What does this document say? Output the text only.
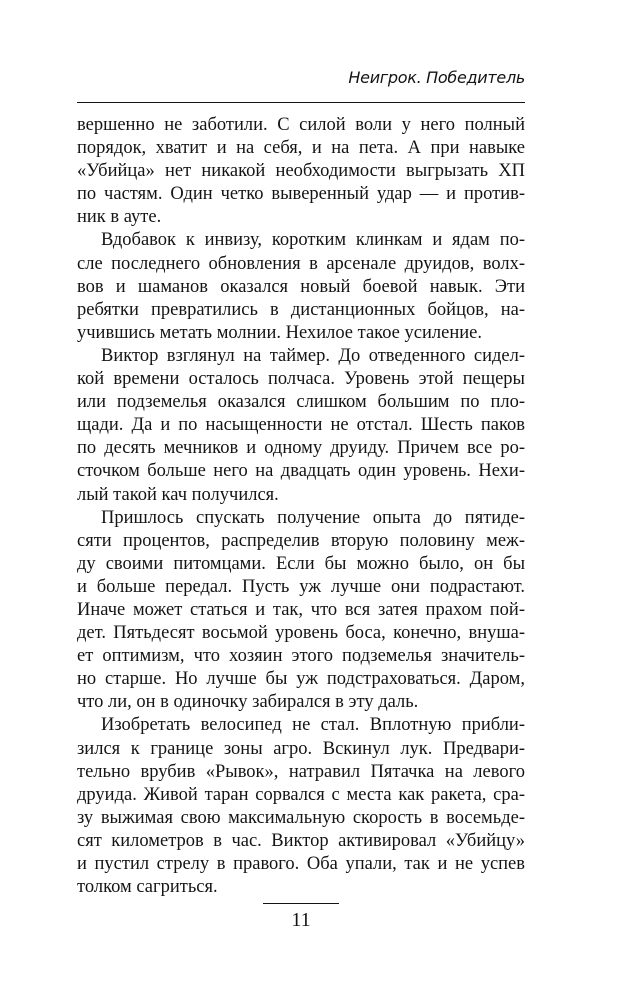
Неигрок. Победитель

вершенно не заботили. С силой воли у него полный
порядок, хватит и на себя, и на пета. А при навыке
«Убийца» нет никакой необходимости выгрызать ХП
по частям. Один четко выверенный удар — и против-
ник в ауте.

Вдобавок к инвизу, коротким клинкам и ядам по-
сле последнего обновления в арсенале друидов, волх-
вов и шаманов оказался новый боевой навык. Эти
ребятки превратились в дистанционных бойцов, на-
учившись метать молнии. Нехилое такое усиление.

Виктор взглянул на таймер. До отведенного сидел-
кой времени осталось полчаса. Уровень этой пещеры
или подземелья оказался слишком большим по пло-
щади. Да и по насыщенности не отстал. Шесть паков
по десять мечников и одному друиду. Причем все ро-
сточком больше него на двадцать один уровень. Нехи-
лый такой кач получился.

Пришлось спускать получение опыта до пятиде-
сяти процентов, распределив вторую половину меж-
ду своими питомцами. Если бы можно было, он бы
и больше передал. Пусть уж лучше они подрастают.
Иначе может статься и так, что вся затея прахом пой-
дет. Пятьдесят восьмой уровень боса, конечно, внуша-
ет оптимизм, что хозяин этого подземелья значитель-
но старше. Но лучше бы уж подстраховаться. Даром,
что ли, он в одиночку забирался в эту даль.

Изобретать велосипед не стал. Вплотную прибли-
зился к границе зоны агро. Вскинул лук. Предвари-
тельно врубив «Рывок», натравил Пятачка на левого
друида. Живой таран сорвался с места как ракета, сра-
зу выжимая свою максимальную скорость в восемьде-
сят километров в час. Виктор активировал «Убийцу»
и пустил стрелу в правого. Оба упали, так и не успев
толком сагриться.

11
